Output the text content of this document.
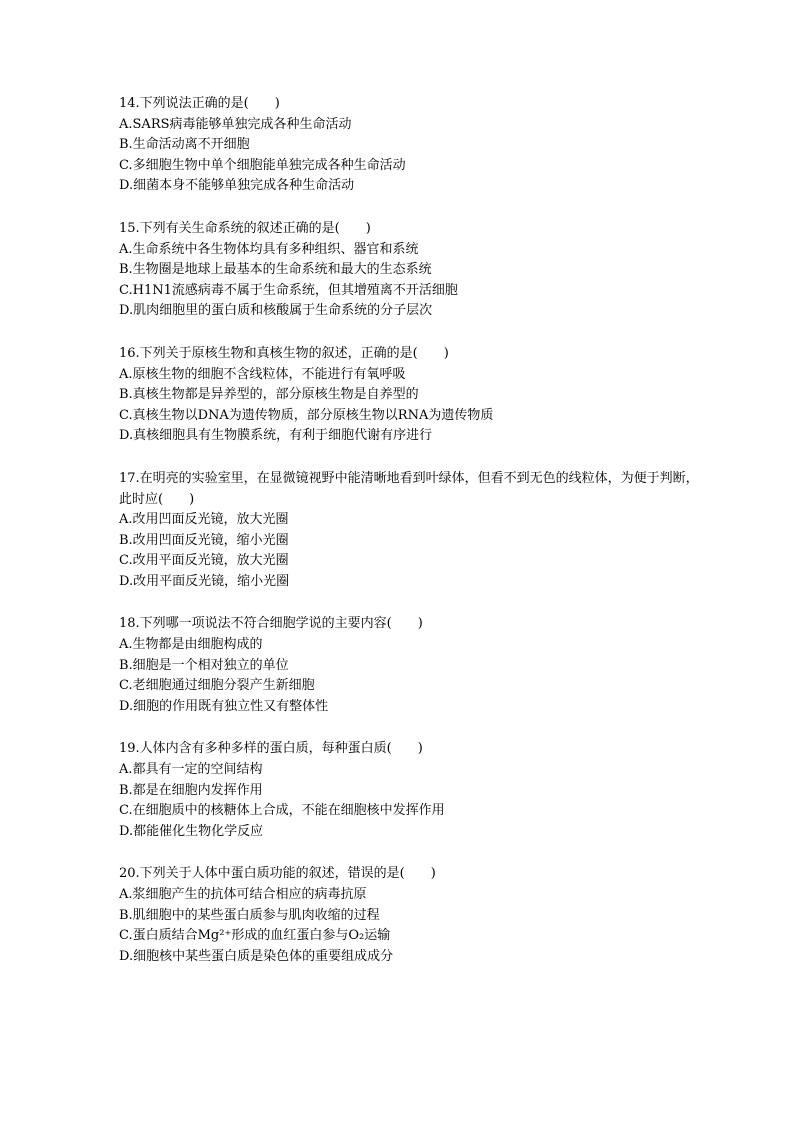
14.下列说法正确的是(　　)

A.SARS病毒能够单独完成各种生命活动

B.生命活动离不开细胞

C.多细胞生物中单个细胞能单独完成各种生命活动

D.细菌本身不能够单独完成各种生命活动

15.下列有关生命系统的叙述正确的是(　　)

A.生命系统中各生物体均具有多种组织、器官和系统

B.生物圈是地球上最基本的生命系统和最大的生态系统

C.H1N1流感病毒不属于生命系统，但其增殖离不开活细胞

D.肌肉细胞里的蛋白质和核酸属于生命系统的分子层次

16.下列关于原核生物和真核生物的叙述，正确的是(　　)

A.原核生物的细胞不含线粒体，不能进行有氧呼吸

B.真核生物都是异养型的，部分原核生物是自养型的

C.真核生物以DNA为遗传物质，部分原核生物以RNA为遗传物质

D.真核细胞具有生物膜系统，有利于细胞代谢有序进行

17.在明亮的实验室里，在显微镜视野中能清晰地看到叶绿体，但看不到无色的线粒体，为便于判断，此时应(　　)

A.改用凹面反光镜，放大光圈

B.改用凹面反光镜，缩小光圈

C.改用平面反光镜，放大光圈

D.改用平面反光镜，缩小光圈

18.下列哪一项说法不符合细胞学说的主要内容(　　)

A.生物都是由细胞构成的

B.细胞是一个相对独立的单位

C.老细胞通过细胞分裂产生新细胞

D.细胞的作用既有独立性又有整体性

19.人体内含有多种多样的蛋白质，每种蛋白质(　　)

A.都具有一定的空间结构

B.都是在细胞内发挥作用

C.在细胞质中的核糖体上合成，不能在细胞核中发挥作用

D.都能催化生物化学反应

20.下列关于人体中蛋白质功能的叙述，错误的是(　　)

A.浆细胞产生的抗体可结合相应的病毒抗原

B.肌细胞中的某些蛋白质参与肌肉收缩的过程

C.蛋白质结合Mg²⁺形成的血红蛋白参与O₂运输

D.细胞核中某些蛋白质是染色体的重要组成成分
